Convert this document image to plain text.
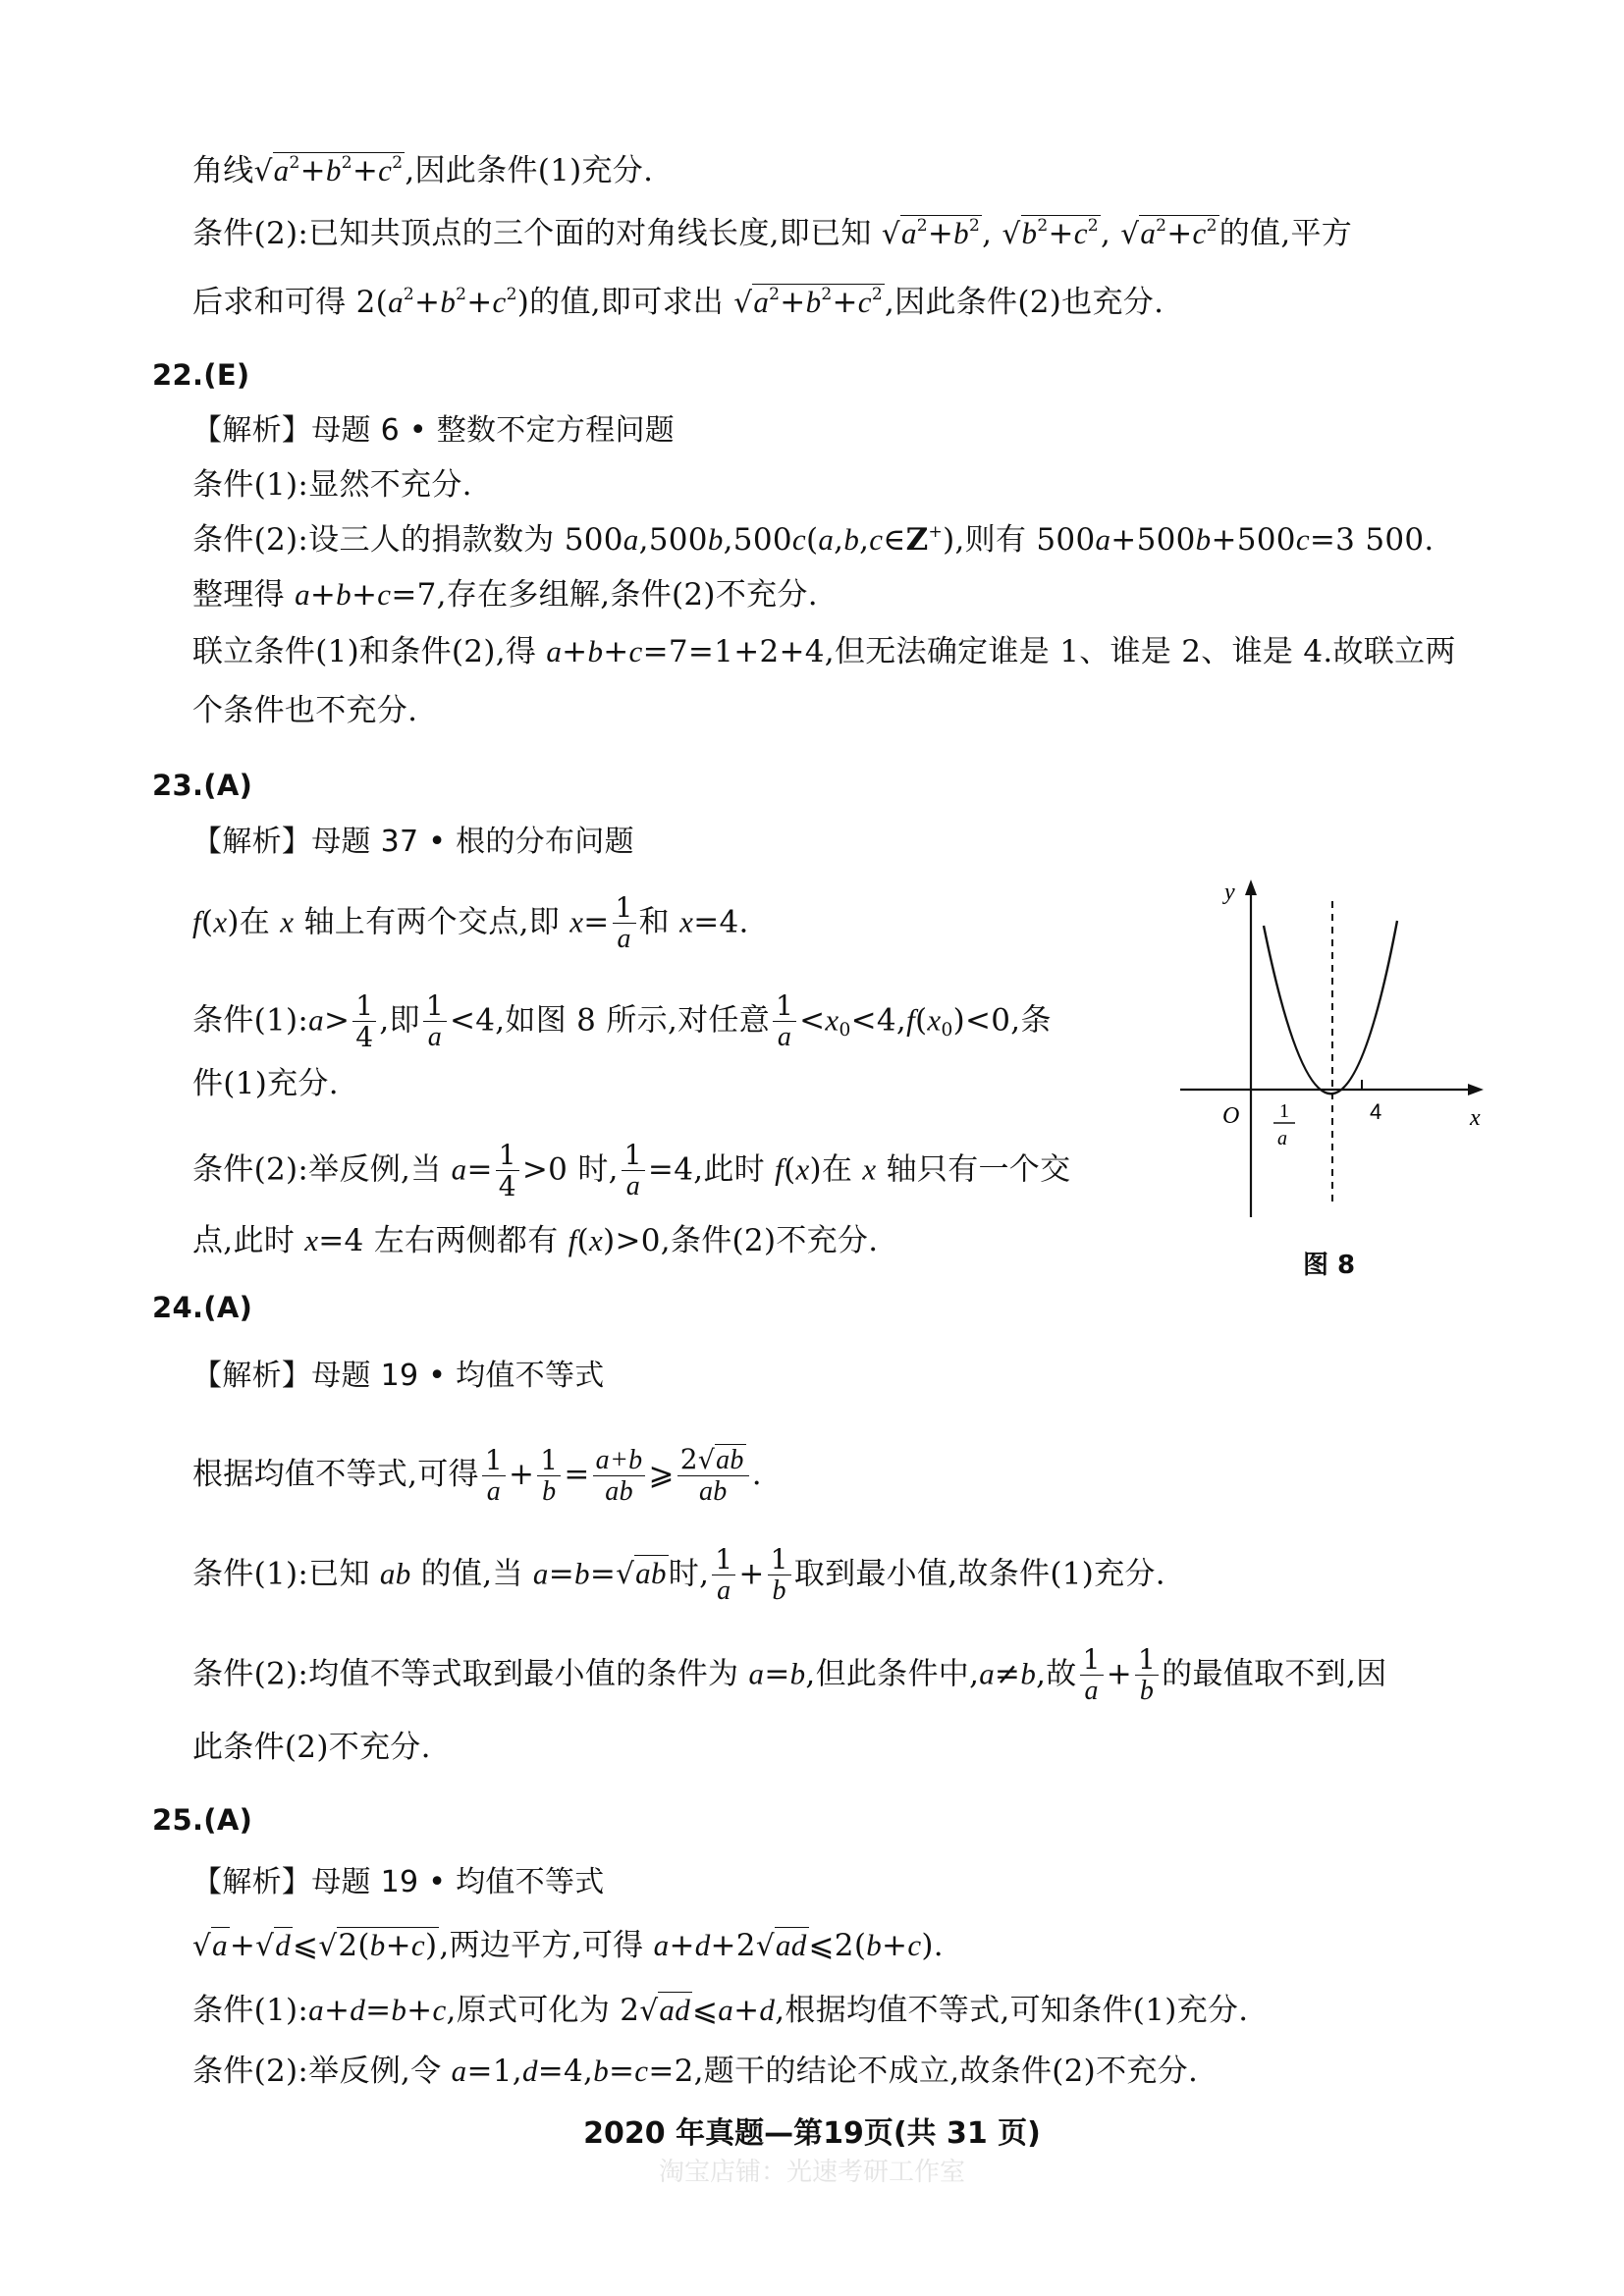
角线$√a^2+b^2+c^2$,因此条件(1)充分.
条件(2):已知共顶点的三个面的对角线长度,即已知 $√a^2+b^2$, $√b^2+c^2$, $√a^2+c^2$的值,平方
后求和可得 $2(a^2+b^2+c^2)$的值,即可求出 $√a^2+b^2+c^2$,因此条件(2)也充分.
22.(E)
【解析】母题 6 • 整数不定方程问题
条件(1):显然不充分.
条件(2):设三人的捐款数为 500a,500b,500c(a,b,c∈Z+),则有 500a+500b+500c=3 500.
整理得 a+b+c=7,存在多组解,条件(2)不充分.
联立条件(1)和条件(2),得 a+b+c=7=1+2+4,但无法确定谁是 1、谁是 2、谁是 4.故联立两
个条件也不充分.
23.(A)
【解析】母题 37 • 根的分布问题
f(x)在 x 轴上有两个交点,即 $x= \frac{1}{a}$ 和 x=4.
条件(1):a> $\frac{1}{4}$ ,即 $\frac{1}{a} <4$,如图 8 所示,对任意 $\frac{1}{a} <x_0<4,f(x_0)<0$,条
件(1)充分.
条件(2):举反例,当 $a= \frac{1}{4} >0$ 时, $\frac{1}{a} =4$,此时 f(x)在 x 轴只有一个交
点,此时 x=4 左右两侧都有 f(x)>0,条件(2)不充分.
y
x
O 1
a
4
图 8
24.(A)
【解析】母题 19 • 均值不等式
根据均值不等式,可得 $\frac{1}{a} + \frac{1}{b} = \frac{a+b}{ab}$ ⩾ $\frac{2√ab}{ab}$ .
条件(1):已知 ab 的值,当 a=b=√ab时, $\frac{1}{a} + \frac{1}{b}$ 取到最小值,故条件(1)充分.
条件(2):均值不等式取到最小值的条件为 a=b,但此条件中,a≠b,故 $\frac{1}{a} + \frac{1}{b}$ 的最值取不到,因
此条件(2)不充分.
25.(A)
【解析】母题 19 • 均值不等式
√a+√d⩽√2(b+c),两边平方,可得 a+d+2√ad⩽2(b+c).
条件(1):a+d=b+c,原式可化为 2√ad⩽a+d,根据均值不等式,可知条件(1)充分.
条件(2):举反例,令 a=1,d=4,b=c=2,题干的结论不成立,故条件(2)不充分.
2020 年真题—第19页(共 31 页)
淘宝店铺：光速考研工作室
